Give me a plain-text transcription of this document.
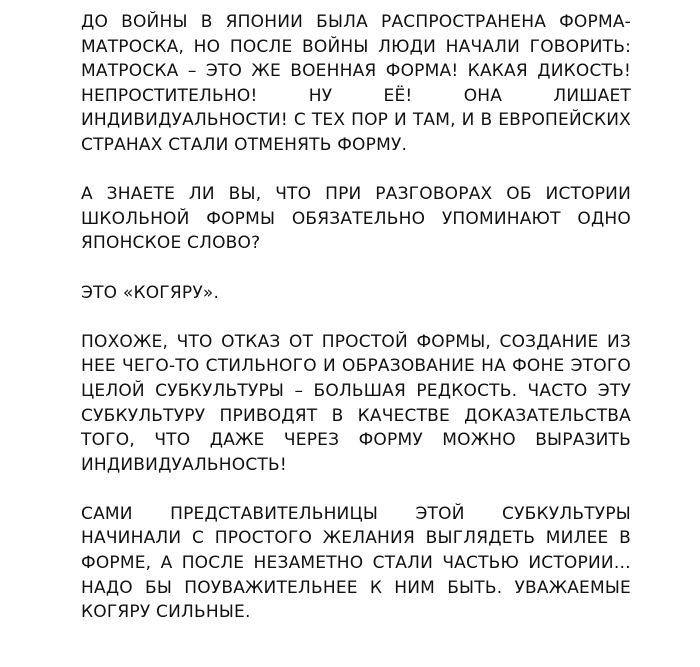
ДО ВОЙНЫ В ЯПОНИИ БЫЛА РАСПРОСТРАНЕНА ФОРМА-МАТРОСКА, НО ПОСЛЕ ВОЙНЫ ЛЮДИ НАЧАЛИ ГОВОРИТЬ: МАТРОСКА – ЭТО ЖЕ ВОЕННАЯ ФОРМА! КАКАЯ ДИКОСТЬ! НЕПРОСТИТЕЛЬНО! НУ ЕЁ! ОНА ЛИШАЕТ ИНДИВИДУАЛЬНОСТИ! С ТЕХ ПОР И ТАМ, И В ЕВРОПЕЙСКИХ СТРАНАХ СТАЛИ ОТМЕНЯТЬ ФОРМУ.

А ЗНАЕТЕ ЛИ ВЫ, ЧТО ПРИ РАЗГОВОРАХ ОБ ИСТОРИИ ШКОЛЬНОЙ ФОРМЫ ОБЯЗАТЕЛЬНО УПОМИНАЮТ ОДНО ЯПОНСКОЕ СЛОВО?

ЭТО «КОГЯРУ».

ПОХОЖЕ, ЧТО ОТКАЗ ОТ ПРОСТОЙ ФОРМЫ, СОЗДАНИЕ ИЗ НЕЕ ЧЕГО-ТО СТИЛЬНОГО И ОБРАЗОВАНИЕ НА ФОНЕ ЭТОГО ЦЕЛОЙ СУБКУЛЬТУРЫ – БОЛЬШАЯ РЕДКОСТЬ. ЧАСТО ЭТУ СУБКУЛЬТУРУ ПРИВОДЯТ В КАЧЕСТВЕ ДОКАЗАТЕЛЬСТВА ТОГО, ЧТО ДАЖЕ ЧЕРЕЗ ФОРМУ МОЖНО ВЫРАЗИТЬ ИНДИВИДУАЛЬНОСТЬ!

САМИ ПРЕДСТАВИТЕЛЬНИЦЫ ЭТОЙ СУБКУЛЬТУРЫ НАЧИНАЛИ С ПРОСТОГО ЖЕЛАНИЯ ВЫГЛЯДЕТЬ МИЛЕЕ В ФОРМЕ, А ПОСЛЕ НЕЗАМЕТНО СТАЛИ ЧАСТЬЮ ИСТОРИИ… НАДО БЫ ПОУВАЖИТЕЛЬНЕЕ К НИМ БЫТЬ. УВАЖАЕМЫЕ КОГЯРУ СИЛЬНЫЕ.
